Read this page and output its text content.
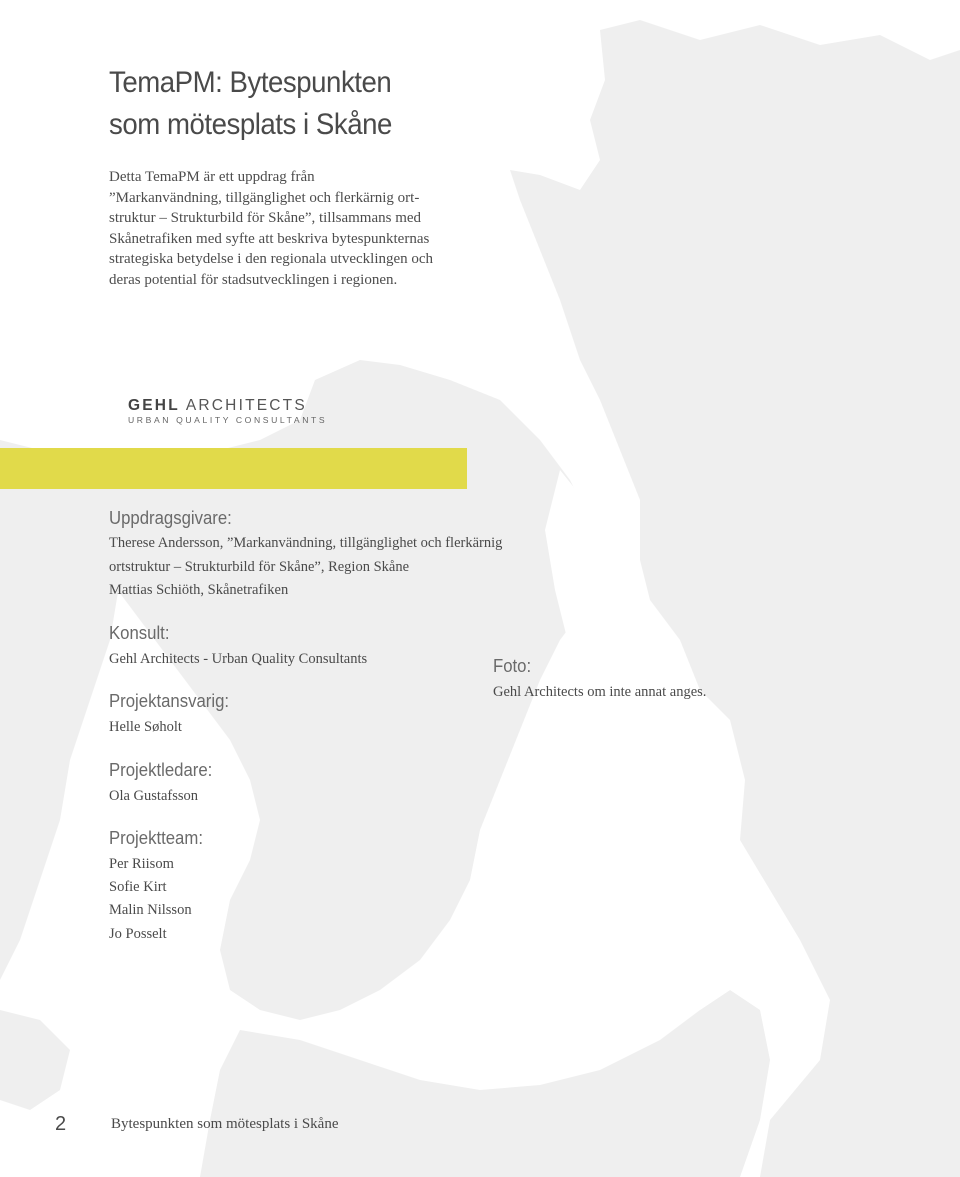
TemaPM: Bytespunkten
som mötesplats i Skåne
Detta TemaPM är ett uppdrag från
”Markanvändning, tillgänglighet och flerkärnig ort-
struktur – Strukturbild för Skåne”, tillsammans med
Skånetrafiken med syfte att beskriva bytespunkternas
strategiska betydelse i den regionala utvecklingen och
deras potential för stadsutvecklingen i regionen.
GEHL ARCHITECTS
URBAN QUALITY CONSULTANTS
Uppdragsgivare:
Therese Andersson, ”Markanvändning, tillgänglighet och flerkärnig
ortstruktur – Strukturbild för Skåne”, Region Skåne
Mattias Schiöth, Skånetrafiken
Konsult:
Gehl Architects - Urban Quality Consultants
Projektansvarig:
Helle Søholt
Projektledare:
Ola Gustafsson
Projektteam:
Per Riisom
Sofie Kirt
Malin Nilsson
Jo Posselt
Foto:
Gehl Architects om inte annat anges.
2	Bytespunkten som mötesplats i Skåne
